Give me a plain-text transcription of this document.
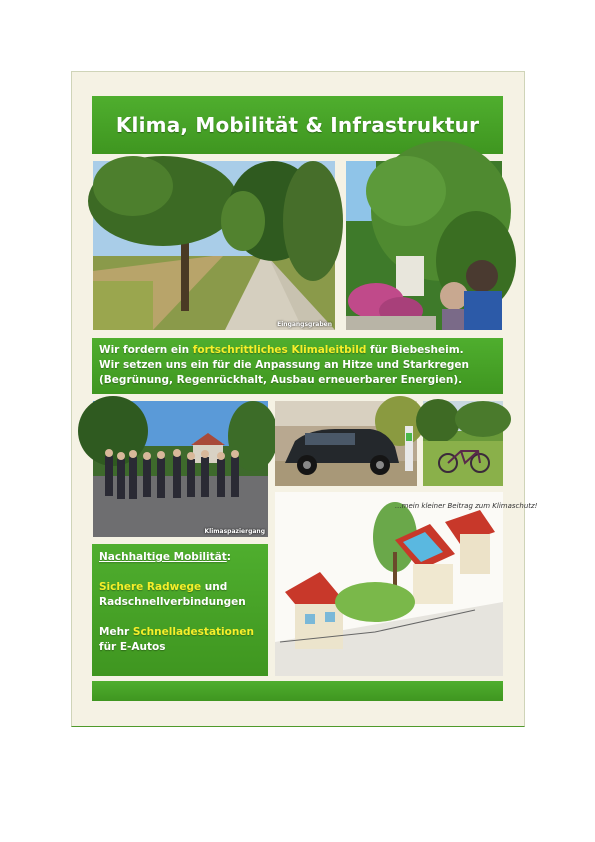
Klima, Mobilität & Infrastruktur
Eingangsgraben
Wir fordern ein fortschrittliches Klimaleitbild für Biebesheim.
Wir setzen uns ein für die Anpassung an Hitze und Starkregen
(Begrünung, Regenrückhalt, Ausbau erneuerbarer Energien).
Klimaspaziergang
...mein kleiner Beitrag zum Klimaschutz!
Nachhaltige Mobilität:
Sichere Radwege und
Radschnellverbindungen
Mehr Schnelladestationen
für E-Autos
